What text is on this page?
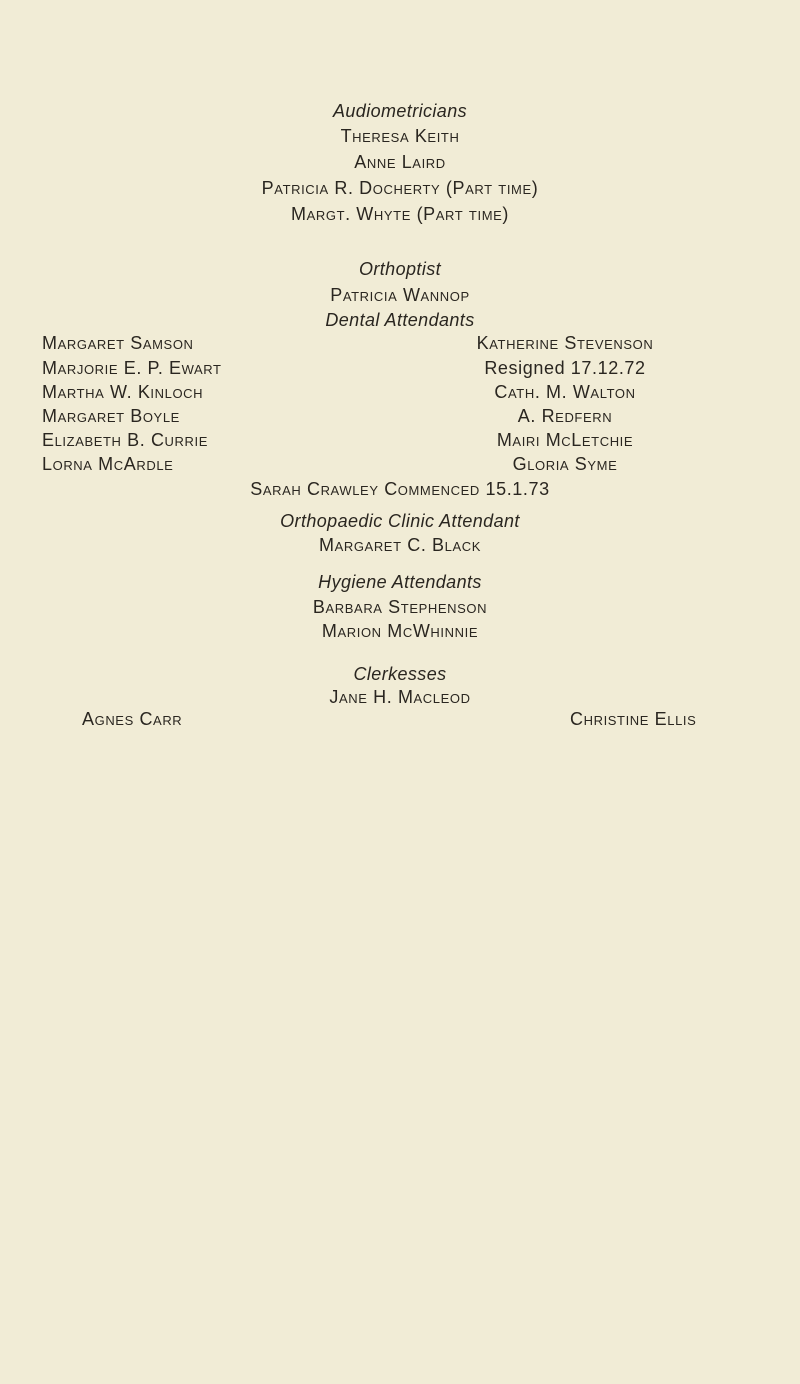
Audiometricians
Theresa Keith
Anne Laird
Patricia R. Docherty (Part time)
Margt. Whyte (Part time)
Orthoptist
Patricia Wannop
Dental Attendants
Margaret Samson
Marjorie E. P. Ewart
Martha W. Kinloch
Margaret Boyle
Elizabeth B. Currie
Lorna McArdle
Katherine Stevenson
Resigned 17.12.72
Cath. M. Walton
A. Redfern
Mairi McLetchie
Gloria Syme
Sarah Crawley Commenced 15.1.73
Orthopaedic Clinic Attendant
Margaret C. Black
Hygiene Attendants
Barbara Stephenson
Marion McWhinnie
Clerkesses
Jane H. Macleod
Agnes Carr	Christine Ellis
